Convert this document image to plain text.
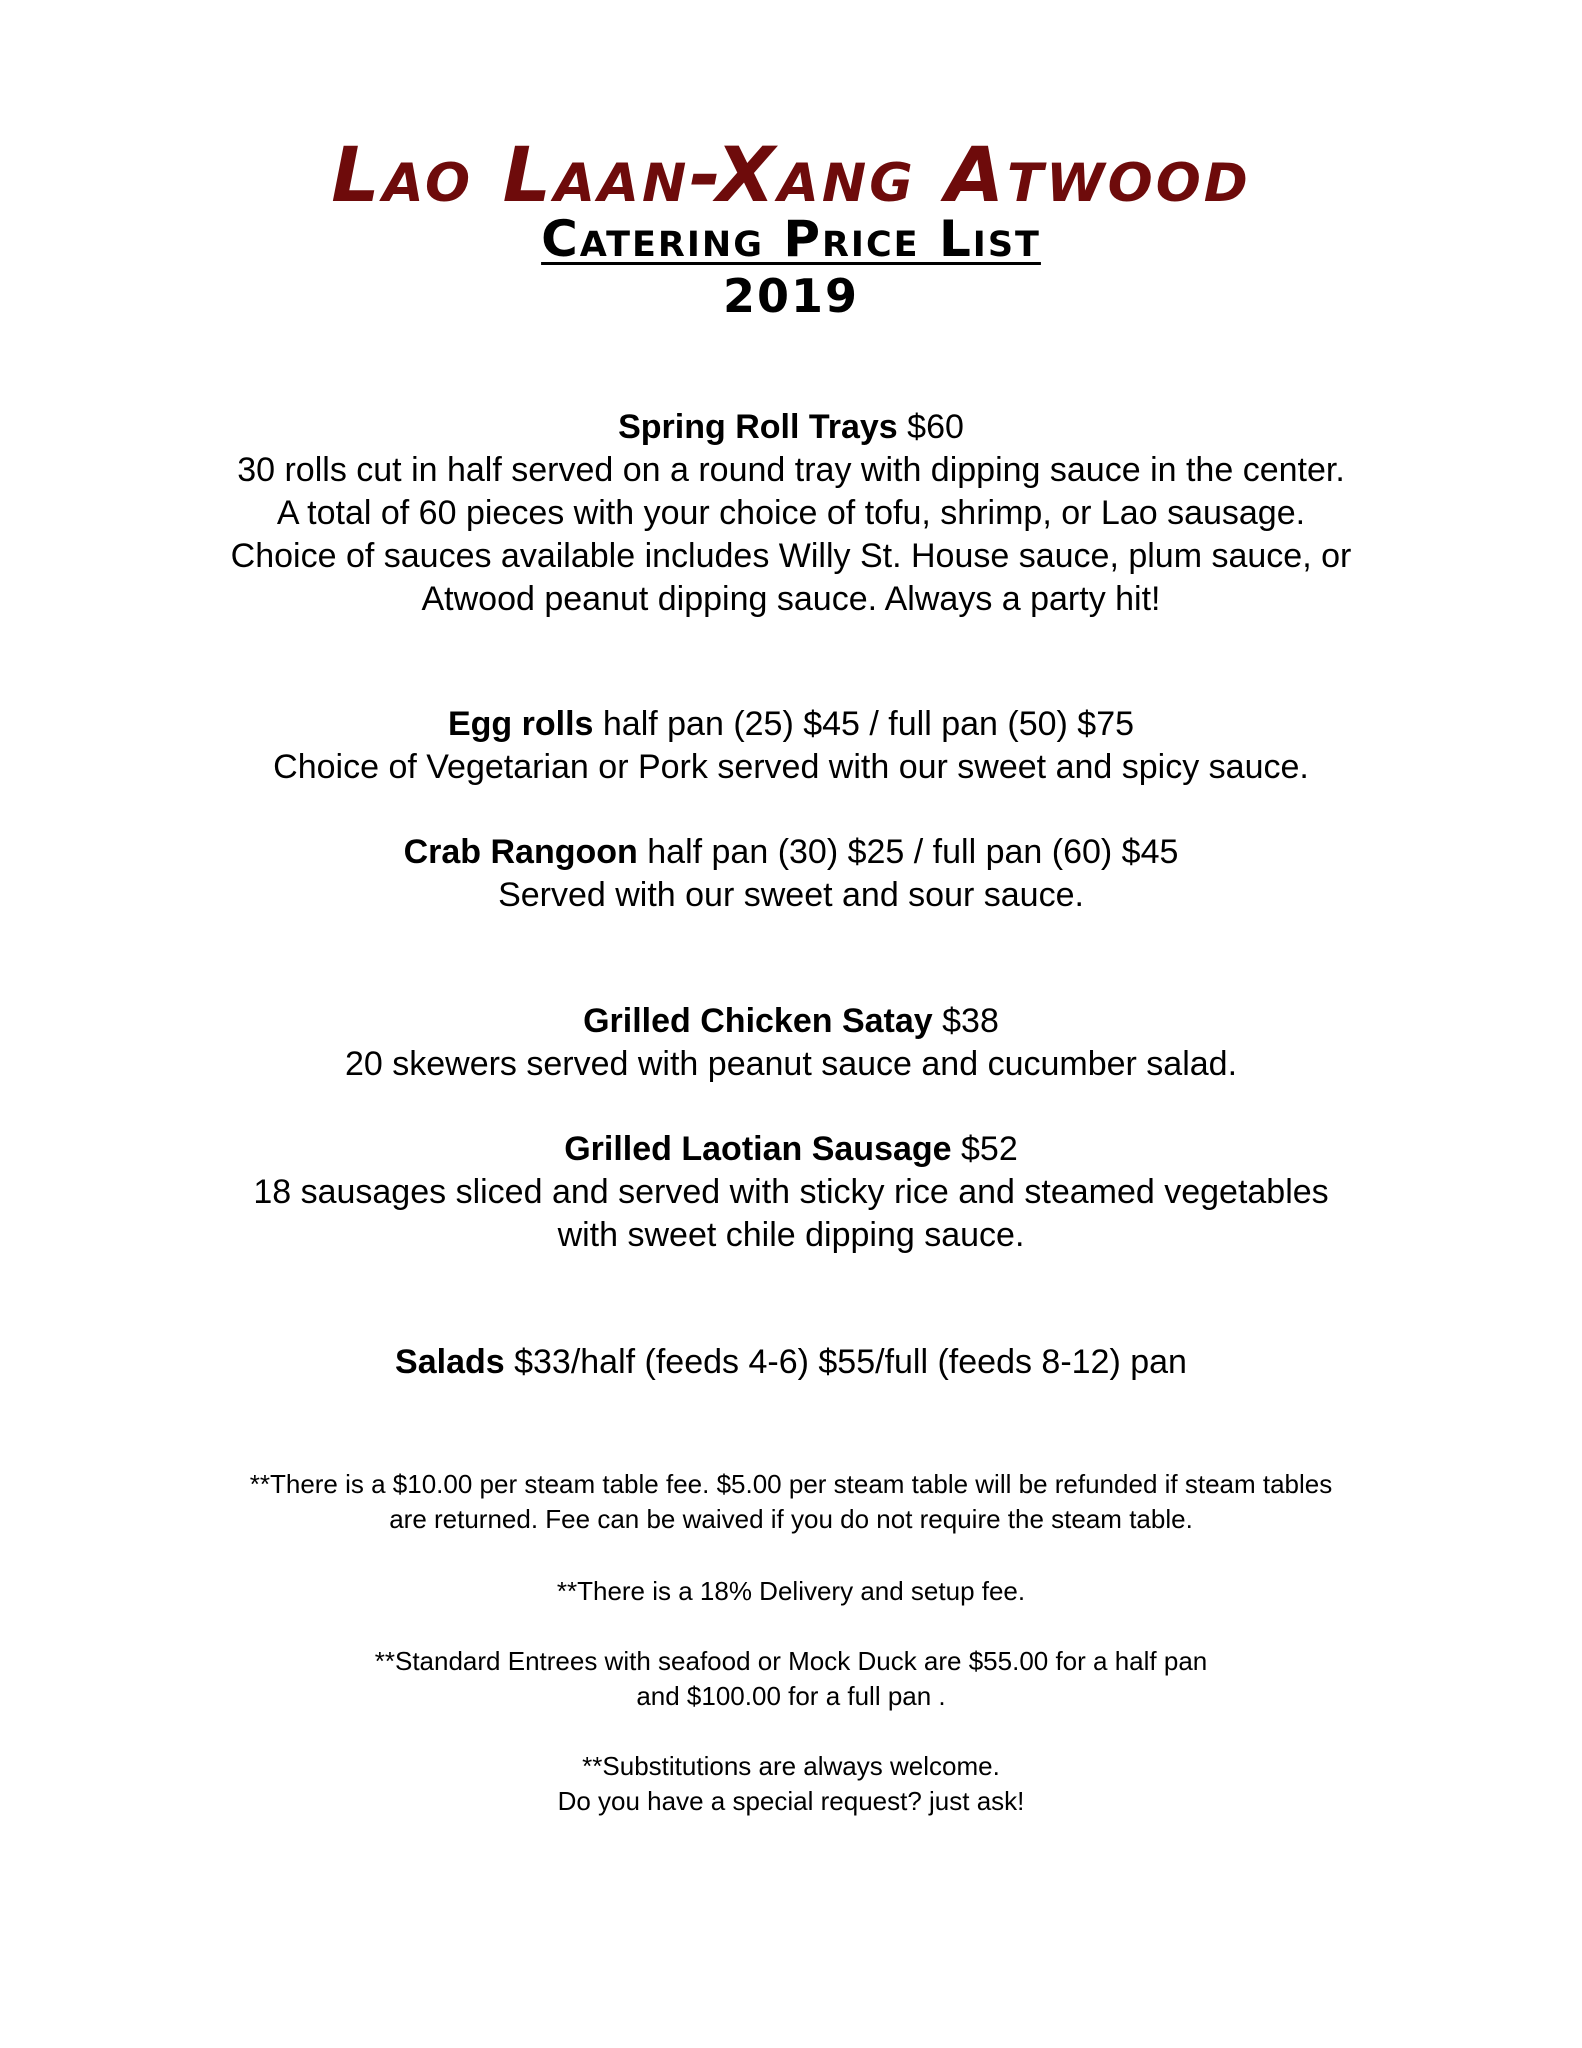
Lao Laan-Xang Atwood
Catering Price List
2019

Spring Roll Trays $60

30 rolls cut in half served on a round tray with dipping sauce in the center.

A total of 60 pieces with your choice of tofu, shrimp, or Lao sausage.

Choice of sauces available includes Willy St. House sauce, plum sauce, or

Atwood peanut dipping sauce. Always a party hit!

Egg rolls half pan (25) $45 / full pan (50) $75

Choice of Vegetarian or Pork served with our sweet and spicy sauce.

Crab Rangoon half pan (30) $25 / full pan (60) $45

Served with our sweet and sour sauce.

Grilled Chicken Satay $38

20 skewers served with peanut sauce and cucumber salad.

Grilled Laotian Sausage $52

18 sausages sliced and served with sticky rice and steamed vegetables

with sweet chile dipping sauce.

Salads $33/half (feeds 4-6) $55/full (feeds 8-12) pan

**There is a $10.00 per steam table fee. $5.00 per steam table will be refunded if steam tables

are returned. Fee can be waived if you do not require the steam table.

**There is a 18% Delivery and setup fee.

**Standard Entrees with seafood or Mock Duck are $55.00 for a half pan

and $100.00 for a full pan .

**Substitutions are always welcome.

Do you have a special request? just ask!
